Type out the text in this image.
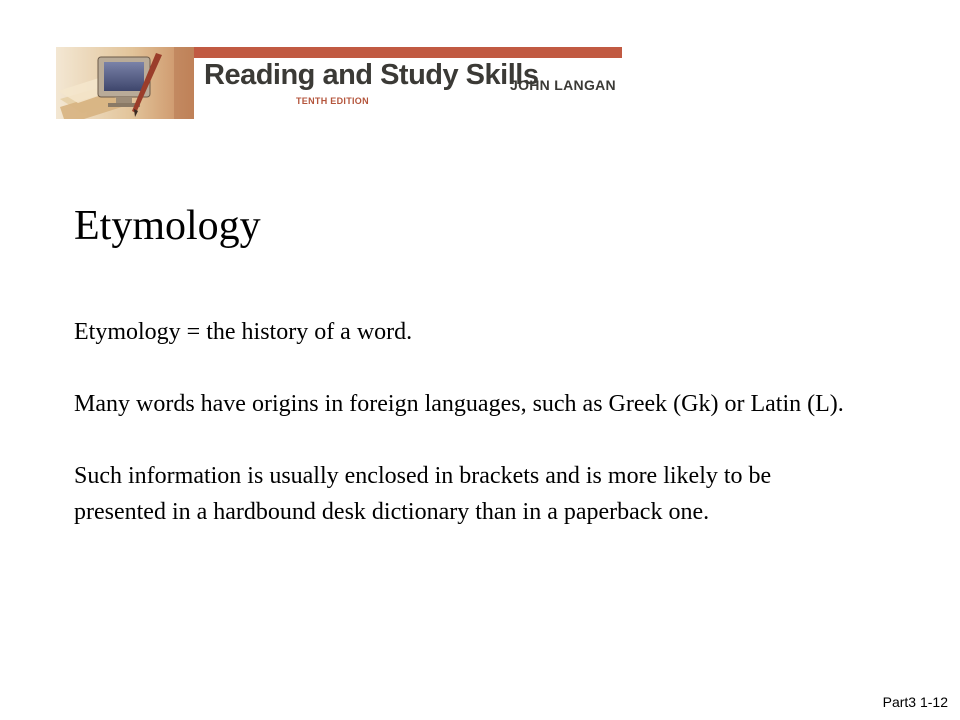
Reading and Study Skills
JOHN LANGAN
TENTH EDITION
Etymology

Etymology = the history of a word.

Many words have origins in foreign languages, such as Greek (Gk) or Latin (L).

Such information is usually enclosed in brackets and is more likely to be presented in a hardbound desk dictionary than in a paperback one.

Part3 1-12
